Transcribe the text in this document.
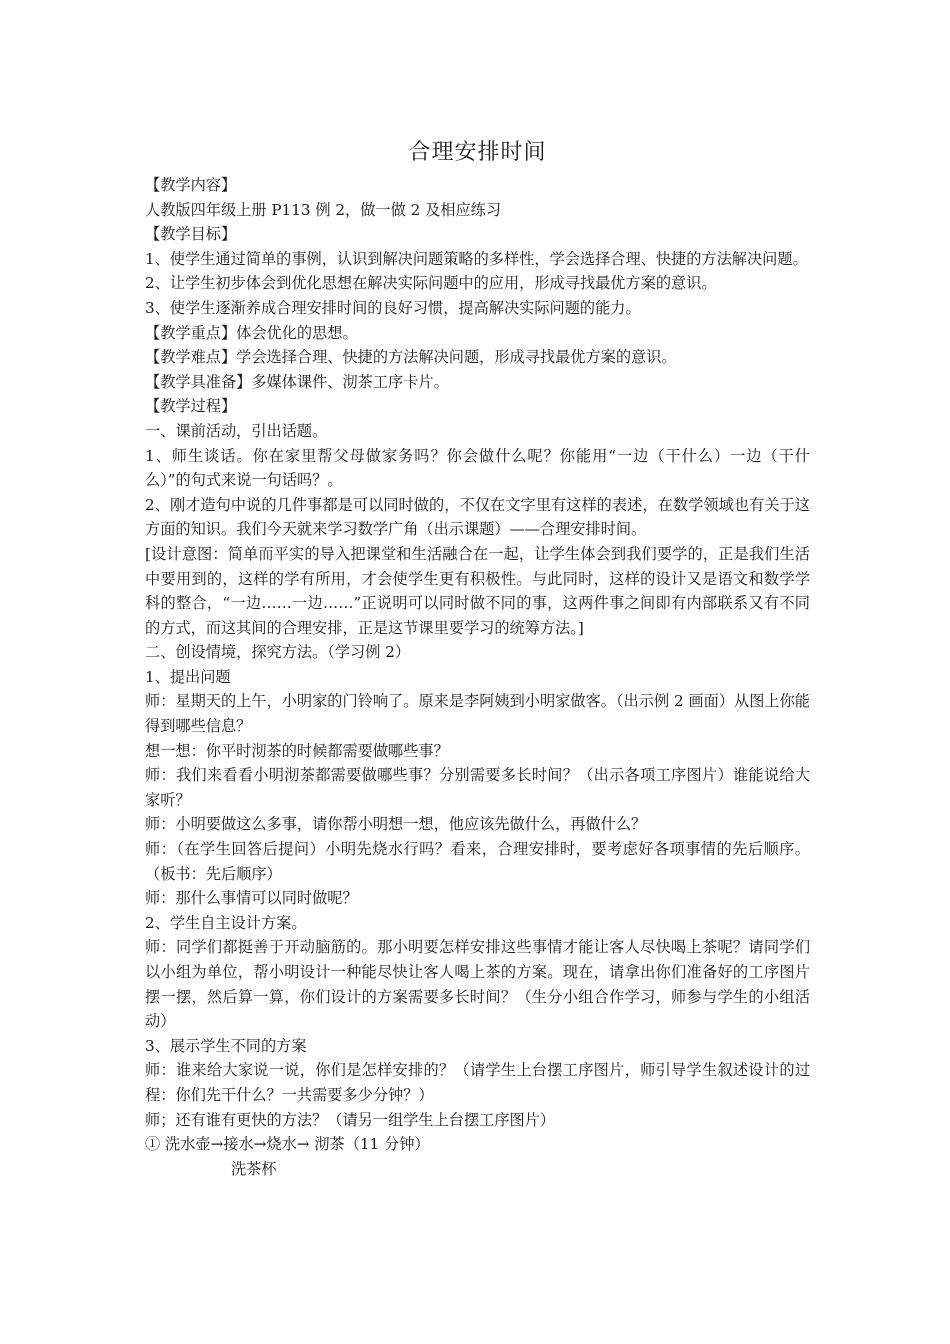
合理安排时间

【教学内容】

人教版四年级上册 P113 例 2，做一做 2 及相应练习

【教学目标】

1、使学生通过简单的事例，认识到解决问题策略的多样性，学会选择合理、快捷的方法解决问题。

2、让学生初步体会到优化思想在解决实际问题中的应用，形成寻找最优方案的意识。

3、使学生逐渐养成合理安排时间的良好习惯，提高解决实际问题的能力。

【教学重点】体会优化的思想。

【教学难点】学会选择合理、快捷的方法解决问题，形成寻找最优方案的意识。

【教学具准备】多媒体课件、沏茶工序卡片。

【教学过程】

一、课前活动，引出话题。

1、师生谈话。你在家里帮父母做家务吗？你会做什么呢？你能用“一边（干什么）一边（干什么）”的句式来说一句话吗？。

2、刚才造句中说的几件事都是可以同时做的，不仅在文字里有这样的表述，在数学领域也有关于这方面的知识。我们今天就来学习数学广角（出示课题）——合理安排时间。

[设计意图：简单而平实的导入把课堂和生活融合在一起，让学生体会到我们要学的，正是我们生活中要用到的，这样的学有所用，才会使学生更有积极性。与此同时，这样的设计又是语文和数学学科的整合，“一边……一边……”正说明可以同时做不同的事，这两件事之间即有内部联系又有不同的方式，而这其间的合理安排，正是这节课里要学习的统筹方法。]

二、创设情境，探究方法。（学习例 2）

1、提出问题

师：星期天的上午，小明家的门铃响了。原来是李阿姨到小明家做客。（出示例 2 画面）从图上你能得到哪些信息？

想一想：你平时沏茶的时候都需要做哪些事？

师：我们来看看小明沏茶都需要做哪些事？分别需要多长时间？（出示各项工序图片）谁能说给大家听？

师：小明要做这么多事，请你帮小明想一想，他应该先做什么，再做什么？

师：（在学生回答后提问）小明先烧水行吗？看来，合理安排时，要考虑好各项事情的先后顺序。（板书：先后顺序）

师：那什么事情可以同时做呢？

2、学生自主设计方案。

师：同学们都挺善于开动脑筋的。那小明要怎样安排这些事情才能让客人尽快喝上茶呢？请同学们以小组为单位，帮小明设计一种能尽快让客人喝上茶的方案。现在，请拿出你们准备好的工序图片摆一摆，然后算一算，你们设计的方案需要多长时间？（生分小组合作学习，师参与学生的小组活动）

3、展示学生不同的方案

师：谁来给大家说一说，你们是怎样安排的？（请学生上台摆工序图片，师引导学生叙述设计的过程：你们先干什么？一共需要多少分钟？）

师；还有谁有更快的方法？（请另一组学生上台摆工序图片）

① 洗水壶→接水→烧水→ 沏茶（11 分钟）

洗茶杯
